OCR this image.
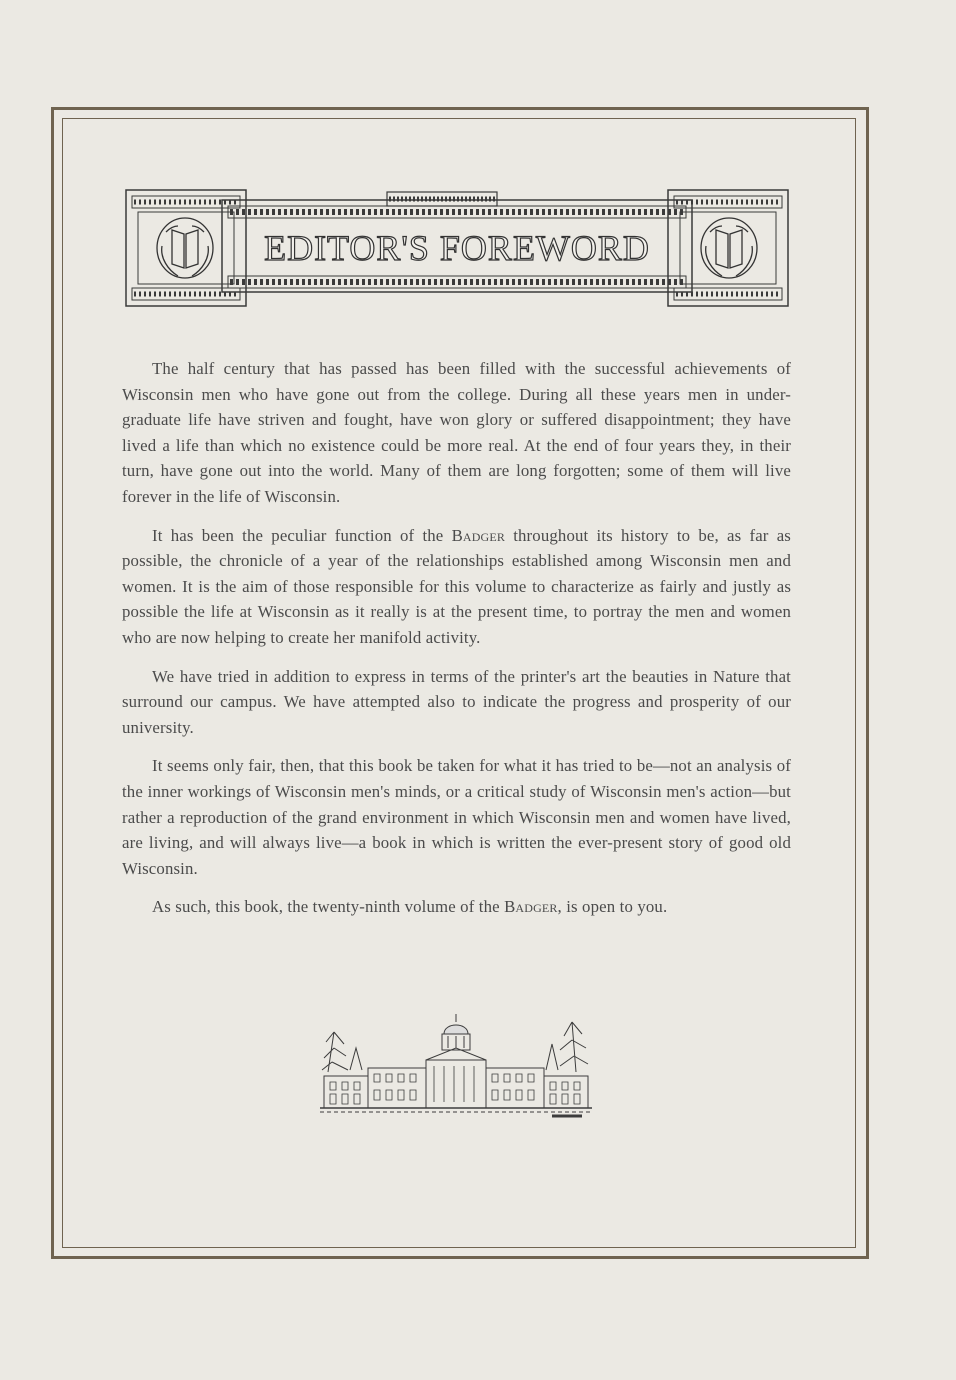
EDITOR'S FOREWORD

The half century that has passed has been filled with the successful achievements of Wisconsin men who have gone out from the college. During all these years men in under-graduate life have striven and fought, have won glory or suffered disappointment; they have lived a life than which no existence could be more real. At the end of four years they, in their turn, have gone out into the world. Many of them are long forgotten; some of them will live forever in the life of Wisconsin.

It has been the peculiar function of the Badger throughout its history to be, as far as possible, the chronicle of a year of the relationships established among Wisconsin men and women. It is the aim of those responsible for this volume to characterize as fairly and justly as possible the life at Wisconsin as it really is at the present time, to portray the men and women who are now helping to create her manifold activity.

We have tried in addition to express in terms of the printer's art the beauties in Nature that surround our campus. We have attempted also to indicate the progress and prosperity of our university.

It seems only fair, then, that this book be taken for what it has tried to be—not an analysis of the inner workings of Wisconsin men's minds, or a critical study of Wisconsin men's action—but rather a reproduction of the grand environment in which Wisconsin men and women have lived, are living, and will always live—a book in which is written the ever-present story of good old Wisconsin.

As such, this book, the twenty-ninth volume of the Badger, is open to you.
